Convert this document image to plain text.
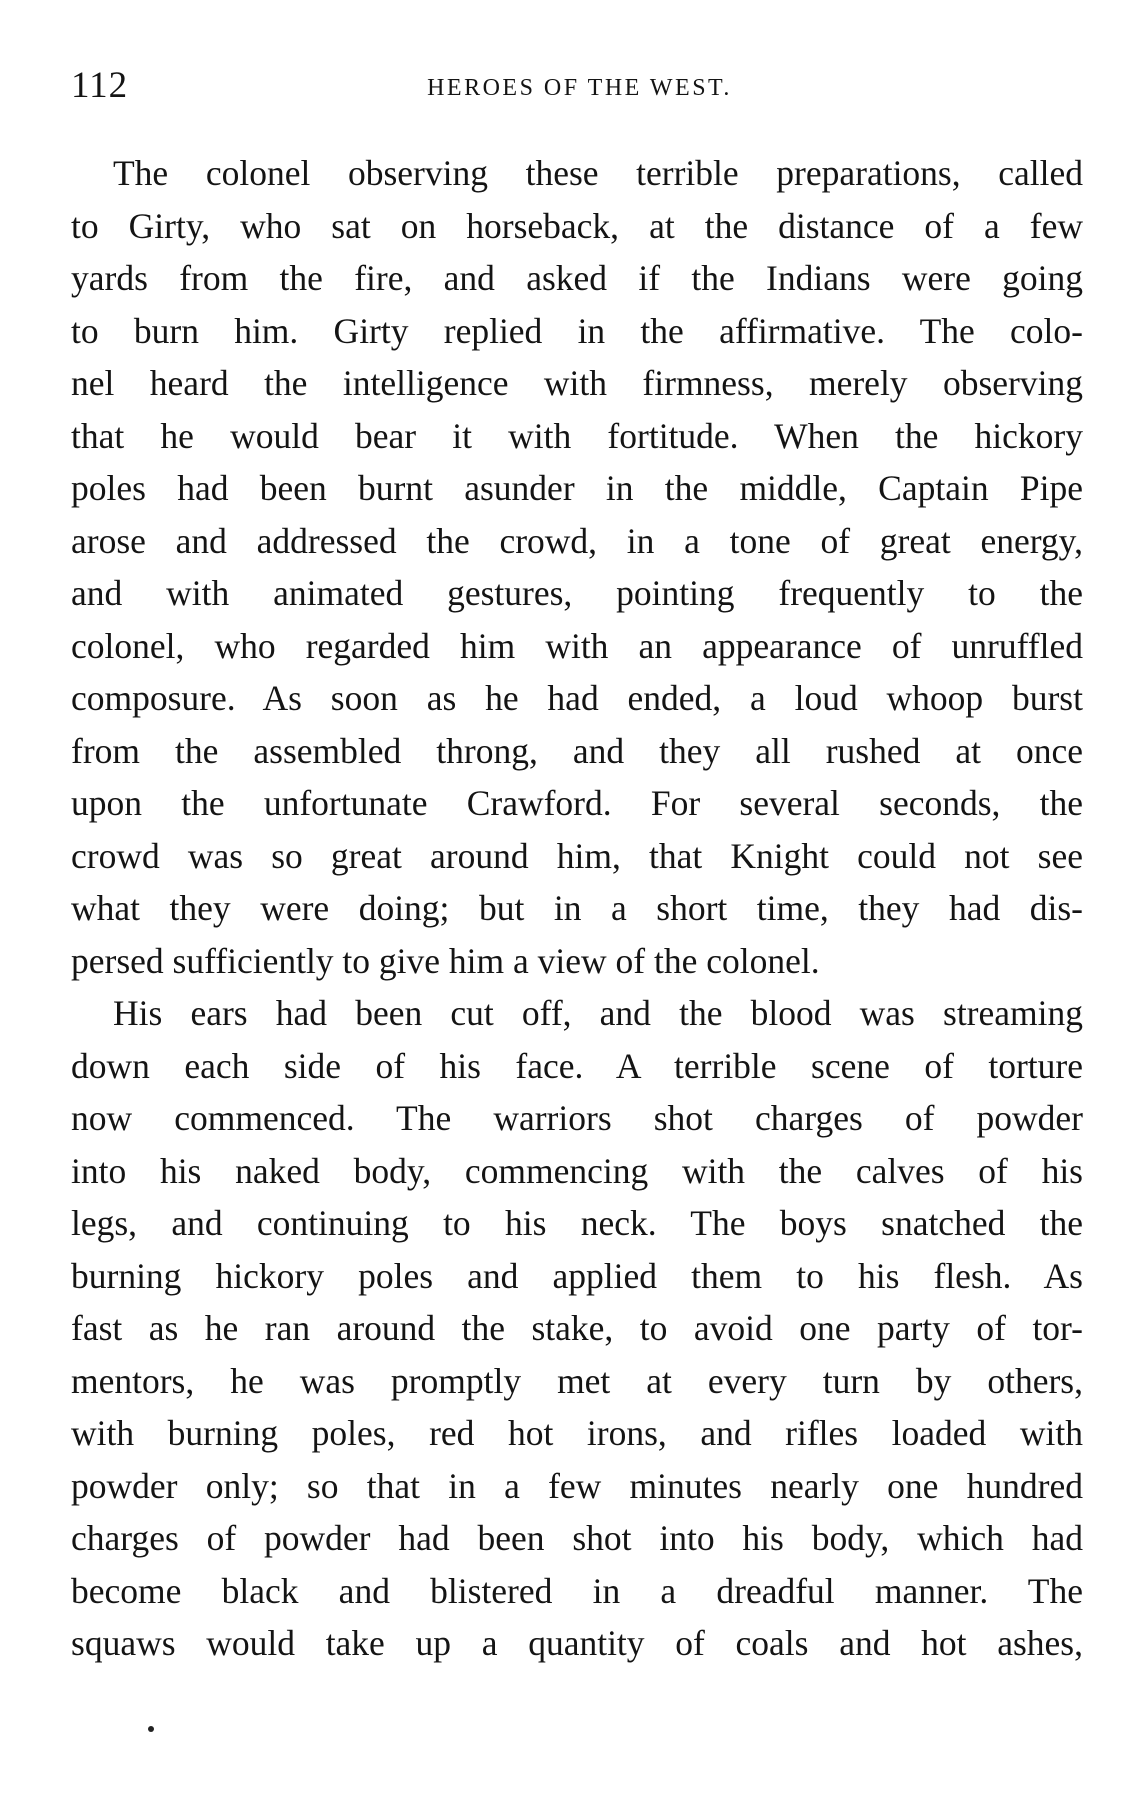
112	HEROES OF THE WEST.
The colonel observing these terrible preparations, called
to Girty, who sat on horseback, at the distance of a few
yards from the fire, and asked if the Indians were going
to burn him. Girty replied in the affirmative. The colo-
nel heard the intelligence with firmness, merely observing
that he would bear it with fortitude. When the hickory
poles had been burnt asunder in the middle, Captain Pipe
arose and addressed the crowd, in a tone of great energy,
and with animated gestures, pointing frequently to the
colonel, who regarded him with an appearance of unruffled
composure. As soon as he had ended, a loud whoop burst
from the assembled throng, and they all rushed at once
upon the unfortunate Crawford. For several seconds, the
crowd was so great around him, that Knight could not see
what they were doing; but in a short time, they had dis-
persed sufficiently to give him a view of the colonel.
His ears had been cut off, and the blood was streaming
down each side of his face. A terrible scene of torture
now commenced. The warriors shot charges of powder
into his naked body, commencing with the calves of his
legs, and continuing to his neck. The boys snatched the
burning hickory poles and applied them to his flesh. As
fast as he ran around the stake, to avoid one party of tor-
mentors, he was promptly met at every turn by others,
with burning poles, red hot irons, and rifles loaded with
powder only; so that in a few minutes nearly one hundred
charges of powder had been shot into his body, which had
become black and blistered in a dreadful manner. The
squaws would take up a quantity of coals and hot ashes,
